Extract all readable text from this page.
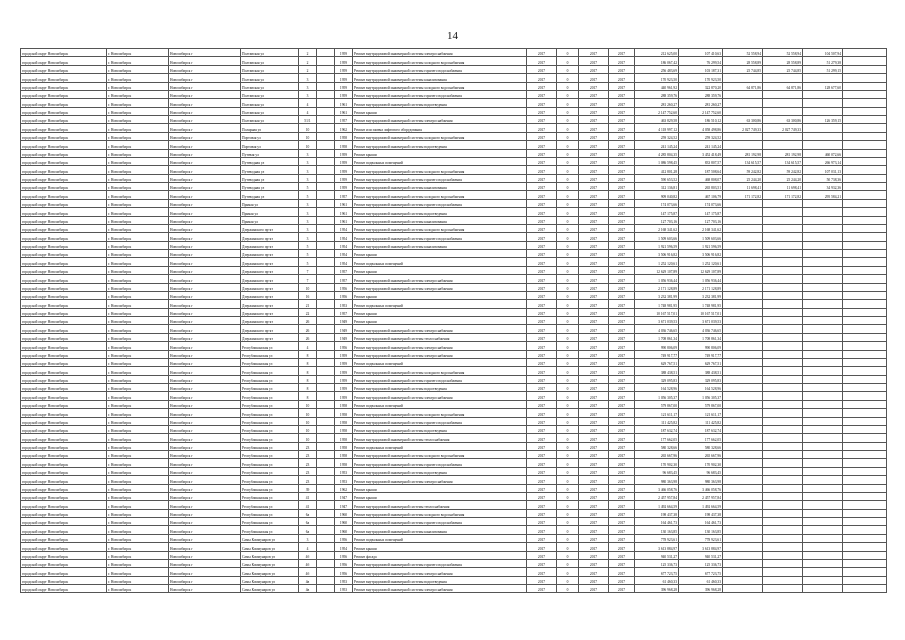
14
городской округ Новосибирск	г. Новосибирск	Новосибирск г	Полтавская ул	2		1959	Ремонт внутридомовой инженерной системы электроснабжения	2017	0	2017	2017	212 625,00	107 410,63	52 558,94	52 558,94	104 507,94	
городской округ Новосибирск	г. Новосибирск	Новосибирск г	Полтавская ул	2		1959	Ремонт внутридомовой инженерной системы холодного водоснабжения	2017	0	2017	2017	186 067,42	76 299,54	28 558,89	28 558,89	51 279,38	
городской округ Новосибирск	г. Новосибирск	Новосибирск г	Полтавская ул	2		1959	Ремонт внутридомовой инженерной системы горячего водоснабжения	2017	0	2017	2017	256 483,69	103 187,31	25 744,85	25 744,85	51 299,15	
городской округ Новосибирск	г. Новосибирск	Новосибирск г	Полтавская ул	3		1959	Ремонт внутридомовой инженерной системы канализования	2017	0	2017	2017	170 923,50	170 923,50				
городской округ Новосибирск	г. Новосибирск	Новосибирск г	Полтавская ул	3		1959	Ремонт внутридомовой инженерной системы холодного водоснабжения	2017	0	2017	2017	440 961,92	322 870,20	64 871,86	64 871,86	128 677,60	
городской округ Новосибирск	г. Новосибирск	Новосибирск г	Полтавская ул	3		1959	Ремонт внутридомовой инженерной системы горячего водоснабжения	2017	0	2017	2017	288 359,76	288 359,76				
городской округ Новосибирск	г. Новосибирск	Новосибирск г	Полтавская ул	4		1961	Ремонт внутридомовой инженерной системы водоотведения	2017	0	2017	2017	281 260,27	281 260,27				
городской округ Новосибирск	г. Новосибирск	Новосибирск г	Полтавская ул	4		1961	Ремонт крыши	2017	0	2017	2017	2 147 752,60	2 147 752,60				
городской округ Новосибирск	г. Новосибирск	Новосибирск г	Полтавская ул	51/1		1957	Ремонт внутридомовой инженерной системы электроснабжения	2017	0	2017	2017	463 829,58	186 510,12	63 300,86	63 300,86	126 359,15	
городской округ Новосибирск	г. Новосибирск	Новосибирск г	Полярная ул	10		1962	Ремонт или замена лифтового оборудования	2017	0	2017	2017	4 118 997,12	4 058 498,86	2 027 749,33	2 027 749,33		
городской округ Новосибирск	г. Новосибирск	Новосибирск г	Портовая ул	10		1958	Ремонт внутридомовой инженерной системы холодного водоснабжения	2017	0	2017	2017	259 324,52	259 324,52				
городской округ Новосибирск	г. Новосибирск	Новосибирск г	Портовая ул	10		1958	Ремонт внутридомовой инженерной системы водоотведения	2017	0	2017	2017	241 145,24	241 145,24				
городской округ Новосибирск	г. Новосибирск	Новосибирск г	Путевая ул	3		1959	Ремонт крыши	2017	0	2017	2017	4 285 804,35	3 452 418,49	281 192,98	281 192,98	460 072,66	
городской округ Новосибирск	г. Новосибирск	Новосибирск г	Путеводная ул	3		1959	Ремонт подвальных помещений	2017	0	2017	2017	1 086 598,45	833 807,57	134 615,57	134 615,57	266 973,14	
городской округ Новосибирск	г. Новосибирск	Новосибирск г	Путеводная ул	3		1959	Ремонт внутридомовой инженерной системы холодного водоснабжения	2017	0	2017	2017	412 801,28	187 508,64	59 242,82	59 242,82	107 031,13	
городской округ Новосибирск	г. Новосибирск	Новосибирск г	Путеводная ул	3		1959	Ремонт внутридомовой инженерной системы горячего водоснабжения	2017	0	2017	2017	590 653,52	468 808,07	25 244,20	25 244,20	50 738,36	
городской округ Новосибирск	г. Новосибирск	Новосибирск г	Путеводная ул	5		1959	Ремонт внутридомовой инженерной системы канализования	2017	0	2017	2017	312 136,81	265 803,51	11 698,41	11 698,41	34 932,36	
городской округ Новосибирск	г. Новосибирск	Новосибирск г	Путеводная ул	5		1957	Ремонт внутридомовой инженерной системы холодного водоснабжения	2017	0	2017	2017	909 040,82	467 106,79	171 172,82	171 172,82	295 584,21	
городской округ Новосибирск	г. Новосибирск	Новосибирск г	Прямая ул	3		1961	Ремонт внутридомовой инженерной системы горячего водоснабжения	2017	0	2017	2017	174 073,66	174 073,66				
городской округ Новосибирск	г. Новосибирск	Новосибирск г	Прямая ул	3		1961	Ремонт внутридомовой инженерной системы водоотведения	2017	0	2017	2017	147 175,87	147 175,87				
городской округ Новосибирск	г. Новосибирск	Новосибирск г	Прямая ул	3		1961	Ремонт внутридомовой инженерной системы канализования	2017	0	2017	2017	127 703,16	127 703,16				
городской округ Новосибирск	г. Новосибирск	Новосибирск г	Дзержинского пр-кт	3		1954	Ремонт внутридомовой инженерной системы холодного водоснабжения	2017	0	2017	2017	2 168 341,62	2 168 341,62				
городской округ Новосибирск	г. Новосибирск	Новосибирск г	Дзержинского пр-кт	3		1954	Ремонт внутридомовой инженерной системы горячего водоснабжения	2017	0	2017	2017	1 509 603,66	1 509 603,66				
городской округ Новосибирск	г. Новосибирск	Новосибирск г	Дзержинского пр-кт	5		1954	Ремонт внутридомовой инженерной системы канализования	2017	0	2017	2017	1 921 596,59	1 921 596,59				
городской округ Новосибирск	г. Новосибирск	Новосибирск г	Дзержинского пр-кт	5		1954	Ремонт крыши	2017	0	2017	2017	3 506 916,82	3 506 916,82				
городской округ Новосибирск	г. Новосибирск	Новосибирск г	Дзержинского пр-кт	5		1954	Ремонт подвальных помещений	2017	0	2017	2017	1 252 120,61	1 252 120,61				
городской округ Новосибирск	г. Новосибирск	Новосибирск г	Дзержинского пр-кт	7		1957	Ремонт крыши	2017	0	2017	2017	12 629 107,89	12 629 107,89				
городской округ Новосибирск	г. Новосибирск	Новосибирск г	Дзержинского пр-кт	7		1957	Ремонт внутридомовой инженерной системы электроснабжения	2017	0	2017	2017	1 056 936,44	1 056 936,44				
городской округ Новосибирск	г. Новосибирск	Новосибирск г	Дзержинского пр-кт	10		1956	Ремонт внутридомовой инженерной системы электроснабжения	2017	0	2017	2017	2 171 128,89	2 171 128,89				
городской округ Новосибирск	г. Новосибирск	Новосибирск г	Дзержинского пр-кт	16		1956	Ремонт крыши	2017	0	2017	2017	3 232 381,99	3 232 381,99				
городской округ Новосибирск	г. Новосибирск	Новосибирск г	Дзержинского пр-кт	21		1953	Ремонт подвальных помещений	2017	0	2017	2017	1 748 981,95	1 748 981,95				
городской округ Новосибирск	г. Новосибирск	Новосибирск г	Дзержинского пр-кт	22		1957	Ремонт крыши	2017	0	2017	2017	10 167 517,01	10 167 517,01				
городской округ Новосибирск	г. Новосибирск	Новосибирск г	Дзержинского пр-кт	26		1949	Ремонт крыши	2017	0	2017	2017	3 671 039,53	3 671 039,53				
городской округ Новосибирск	г. Новосибирск	Новосибирск г	Дзержинского пр-кт	26		1949	Ремонт внутридомовой инженерной системы электроснабжения	2017	0	2017	2017	4 036 746,65	4 036 746,65				
городской округ Новосибирск	г. Новосибирск	Новосибирск г	Дзержинского пр-кт	26		1949	Ремонт внутридомовой инженерной системы теплоснабжения	2017	0	2017	2017	1 708 861,34	1 708 861,34				
городской округ Новосибирск	г. Новосибирск	Новосибирск г	Республиканская ул	4		1956	Ремонт внутридомовой инженерной системы электроснабжения	2017	0	2017	2017	990 806,09	990 806,09				
городской округ Новосибирск	г. Новосибирск	Новосибирск г	Республиканская ул	8		1959	Ремонт внутридомовой инженерной системы электроснабжения	2017	0	2017	2017	749 917,77	749 917,77				
городской округ Новосибирск	г. Новосибирск	Новосибирск г	Республиканская ул	8		1959	Ремонт подвальных помещений	2017	0	2017	2017	629 767,51	629 767,51				
городской округ Новосибирск	г. Новосибирск	Новосибирск г	Республиканская ул	8		1959	Ремонт внутридомовой инженерной системы холодного водоснабжения	2017	0	2017	2017	388 438,51	388 438,51				
городской округ Новосибирск	г. Новосибирск	Новосибирск г	Республиканская ул	8		1959	Ремонт внутридомовой инженерной системы горячего водоснабжения	2017	0	2017	2017	329 095,83	329 095,83				
городской округ Новосибирск	г. Новосибирск	Новосибирск г	Республиканская ул	8		1959	Ремонт внутридомовой инженерной системы водоотведения	2017	0	2017	2017	164 528,96	164 528,96				
городской округ Новосибирск	г. Новосибирск	Новосибирск г	Республиканская ул	8		1959	Ремонт внутридомовой инженерной системы электроснабжения	2017	0	2017	2017	1 056 305,37	1 056 305,37				
городской округ Новосибирск	г. Новосибирск	Новосибирск г	Республиканская ул	10		1958	Ремонт подвальных помещений	2017	0	2017	2017	579 867,00	579 867,00				
городской округ Новосибирск	г. Новосибирск	Новосибирск г	Республиканская ул	10		1958	Ремонт внутридомовой инженерной системы холодного водоснабжения	2017	0	2017	2017	121 611,17	121 611,17				
городской округ Новосибирск	г. Новосибирск	Новосибирск г	Республиканская ул	10		1958	Ремонт внутридомовой инженерной системы горячего водоснабжения	2017	0	2017	2017	111 425,82	111 425,82				
городской округ Новосибирск	г. Новосибирск	Новосибирск г	Республиканская ул	10		1958	Ремонт внутридомовой инженерной системы водоотведения	2017	0	2017	2017	187 632,74	187 632,74				
городской округ Новосибирск	г. Новосибирск	Новосибирск г	Республиканская ул	10		1958	Ремонт внутридомовой инженерной системы теплоснабжения	2017	0	2017	2017	177 662,05	177 662,05				
городской округ Новосибирск	г. Новосибирск	Новосибирск г	Республиканская ул	23		1958	Ремонт подвальных помещений	2017	0	2017	2017	580 328,66	580 328,66				
городской округ Новосибирск	г. Новосибирск	Новосибирск г	Республиканская ул	23		1958	Ремонт внутридомовой инженерной системы холодного водоснабжения	2017	0	2017	2017	265 667,96	265 667,96				
городской округ Новосибирск	г. Новосибирск	Новосибирск г	Республиканская ул	23		1958	Ремонт внутридомовой инженерной системы горячего водоснабжения	2017	0	2017	2017	170 902,30	170 902,30				
городской округ Новосибирск	г. Новосибирск	Новосибирск г	Республиканская ул	23		1953	Ремонт внутридомовой инженерной системы водоотведения	2017	0	2017	2017	96 683,45	96 683,45				
городской округ Новосибирск	г. Новосибирск	Новосибирск г	Республиканская ул	23		1953	Ремонт внутридомовой инженерной системы электроснабжения	2017	0	2017	2017	980 363,98	980 363,98				
городской округ Новосибирск	г. Новосибирск	Новосибирск г	Республиканская ул	39		1962	Ремонт крыши	2017	0	2017	2017	3 466 058,76	3 466 058,76				
городской округ Новосибирск	г. Новосибирск	Новосибирск г	Республиканская ул	41		1947	Ремонт крыши	2017	0	2017	2017	2 457 957,84	2 457 957,84				
городской округ Новосибирск	г. Новосибирск	Новосибирск г	Республиканская ул	41		1947	Ремонт внутридомовой инженерной системы теплоснабжения	2017	0	2017	2017	1 492 664,59	1 492 664,59				
городской округ Новосибирск	г. Новосибирск	Новосибирск г	Республиканская ул	6а		1960	Ремонт внутридомовой инженерной системы холодного водоснабжения	2017	0	2017	2017	198 437,38	198 437,38				
городской округ Новосибирск	г. Новосибирск	Новосибирск г	Республиканская ул	6а		1960	Ремонт внутридомовой инженерной системы горячего водоснабжения	2017	0	2017	2017	164 461,73	164 461,73				
городской округ Новосибирск	г. Новосибирск	Новосибирск г	Республиканская ул	6а		1960	Ремонт внутридомовой инженерной системы канализования	2017	0	2017	2017	130 163,85	130 163,85				
городской округ Новосибирск	г. Новосибирск	Новосибирск г	Самы Коммунаров ул	3		1956	Ремонт подвальных помещений	2017	0	2017	2017	778 923,61	778 923,61				
городской округ Новосибирск	г. Новосибирск	Новосибирск г	Самы Коммунаров ул	4		1954	Ремонт крыши	2017	0	2017	2017	3 613 884,97	3 613 884,97				
городской округ Новосибирск	г. Новосибирск	Новосибирск г	Самы Коммунаров ул	4б		1956	Ремонт фасада	2017	0	2017	2017	940 531,27	940 531,27				
городской округ Новосибирск	г. Новосибирск	Новосибирск г	Самы Коммунаров ул	4б		1956	Ремонт внутридомовой инженерной системы горячего водоснабжения	2017	0	2017	2017	125 336,73	125 336,73				
городской округ Новосибирск	г. Новосибирск	Новосибирск г	Самы Коммунаров ул	4б		1956	Ремонт внутридомовой инженерной системы электроснабжения	2017	0	2017	2017	677 723,75	677 723,75				
городской округ Новосибирск	г. Новосибирск	Новосибирск г	Самы Коммунаров ул	4в		1953	Ремонт внутридомовой инженерной системы водоотведения	2017	0	2017	2017	61 460,33	61 460,33				
городской округ Новосибирск	г. Новосибирск	Новосибирск г	Самы Коммунаров ул	4в		1953	Ремонт внутридомовой инженерной системы электроснабжения	2017	0	2017	2017	396 968,28	396 968,28				
